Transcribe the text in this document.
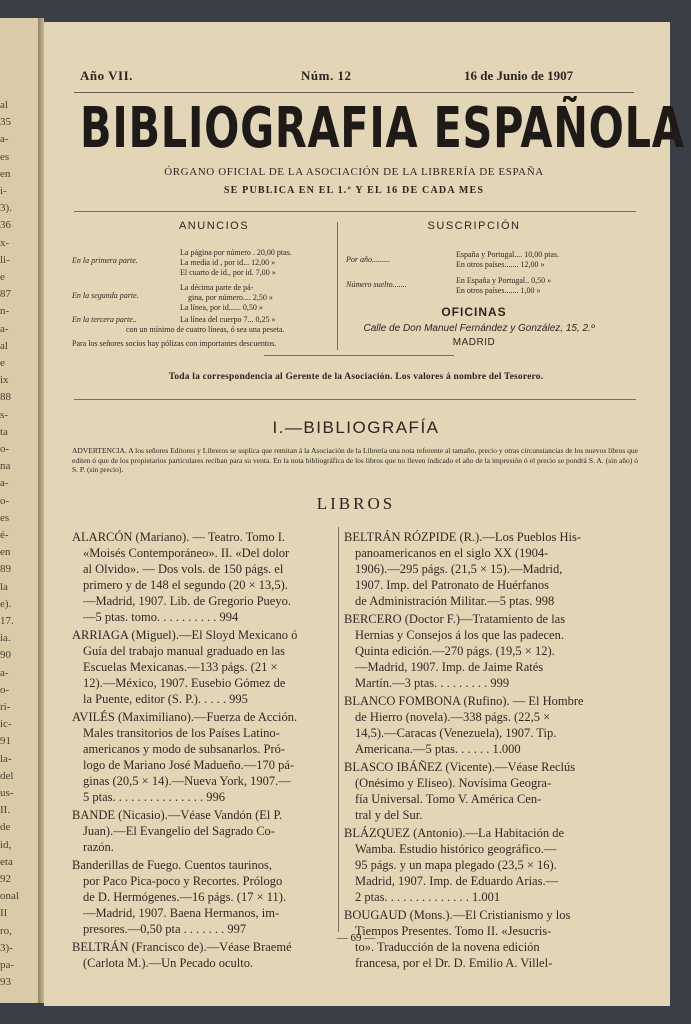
al
35
a-
es
en
i-
3).
36
x-
li-
e
87
n-
a-
al
e
ix
88
s-
ta
o-
na
a-
o-
es
é-
en
89
la
e).
17.
ia.
90
a-
o-
ri-
ic-
91
la-
del
us-
II.
de
id,
eta
92
onal
II
ro,
3)-
pa-
93
Año VII.	Núm. 12	16 de Junio de 1907
BIBLIOGRAFIA ESPAÑOLA
ÓRGANO OFICIAL DE LA ASOCIACIÓN DE LA LIBRERÍA DE ESPAÑA
SE PUBLICA EN EL 1.º Y EL 16 DE CADA MES
ANUNCIOS
En la primera parte.
La página por número . 20,00 ptas.
La media id , por id... 12,00 »
El cuarto de id., por id. 7,00 »
En la segunda parte.
La décima parte de pá-
gina, por número.... 2,50 »
La línea, por id...... 0,50 »
En la tercera parte..	La línea del cuerpo 7... 0,25 »
con un mínimo de cuatro líneas, ó sea una peseta.
Para los señores socios hay pólizas con importantes descuentos.
SUSCRIPCIÓN
Por año.........
España y Portugal.... 10,00 ptas.
En otros países....... 12,00 »
Número suelto.......	En España y Portugal.. 0,50 »
En otros países....... 1,00 »
OFICINAS
Calle de Don Manuel Fernández y González, 15, 2.º
MADRID
Toda la correspondencia al Gerente de la Asociación. Los valores á nombre del Tesorero.
I.—BIBLIOGRAFÍA
ADVERTENCIA. A los señores Editores y Libreros se suplica que remitan á la Asociación de la Librería una nota referente al tamaño, precio y otras circunstancias de los nuevos libros que editen ó que de los propietarios particulares reciban para su venta. En la nota bibliográfica de los libros que no lleven indicado el año de la impresión ó el precio se pondrá S. A. (sin año) ó S. P. (sin precio).
LIBROS
ALARCÓN (Mariano). — Teatro. Tomo I.
«Moisés Contemporáneo». II. «Del dolor
al Olvido». — Dos vols. de 150 págs. el
primero y de 148 el segundo (20 × 13,5).
—Madrid, 1907. Lib. de Gregorio Pueyo.
—5 ptas. tomo. . . . . . . . . . 994
ARRIAGA (Miguel).—El Sloyd Mexicano ó
Guía del trabajo manual graduado en las
Escuelas Mexicanas.—133 págs. (21 ×
12).—México, 1907. Eusebio Gómez de
la Puente, editor (S. P.). . . . . 995
AVILÉS (Maximiliano).—Fuerza de Acción.
Males transitorios de los Países Latino-
americanos y modo de subsanarlos. Pró-
logo de Mariano José Madueño.—170 pá-
ginas (20,5 × 14).—Nueva York, 1907.—
5 ptas. . . . . . . . . . . . . . . 996
BANDE (Nicasio).—Véase Vandón (El P.
Juan).—El Evangelio del Sagrado Co-
razón.
Banderillas de Fuego. Cuentos taurinos,
por Paco Pica-poco y Recortes. Prólogo
de D. Hermógenes.—16 págs. (17 × 11).
—Madrid, 1907. Baena Hermanos, im-
presores.—0,50 pta . . . . . . . 997
BELTRÁN (Francisco de).—Véase Braemé
(Carlota M.).—Un Pecado oculto.
BELTRÁN RÓZPIDE (R.).—Los Pueblos His-
panoamericanos en el siglo XX (1904-
1906).—295 págs. (21,5 × 15).—Madrid,
1907. Imp. del Patronato de Huérfanos
de Administración Militar.—5 ptas. 998
BERCERO (Doctor F.)—Tratamiento de las
Hernias y Consejos á los que las padecen.
Quinta edición.—270 págs. (19,5 × 12).
—Madrid, 1907. Imp. de Jaime Ratés
Martín.—3 ptas. . . . . . . . . 999
BLANCO FOMBONA (Rufino). — El Hombre
de Hierro (novela).—338 págs. (22,5 ×
14,5).—Caracas (Venezuela), 1907. Tip.
Americana.—5 ptas. . . . . . 1.000
BLASCO IBÁÑEZ (Vicente).—Véase Reclús
(Onésimo y Eliseo). Novísima Geogra-
fía Universal. Tomo V. América Cen-
tral y del Sur.
BLÁZQUEZ (Antonio).—La Habitación de
Wamba. Estudio histórico geográfico.—
95 págs. y un mapa plegado (23,5 × 16).
Madrid, 1907. Imp. de Eduardo Arias.—
2 ptas. . . . . . . . . . . . . . 1.001
BOUGAUD (Mons.).—El Cristianismo y los
Tiempos Presentes. Tomo II. «Jesucris-
to». Traducción de la novena edición
francesa, por el Dr. D. Emilio A. Villel-
— 69 —
